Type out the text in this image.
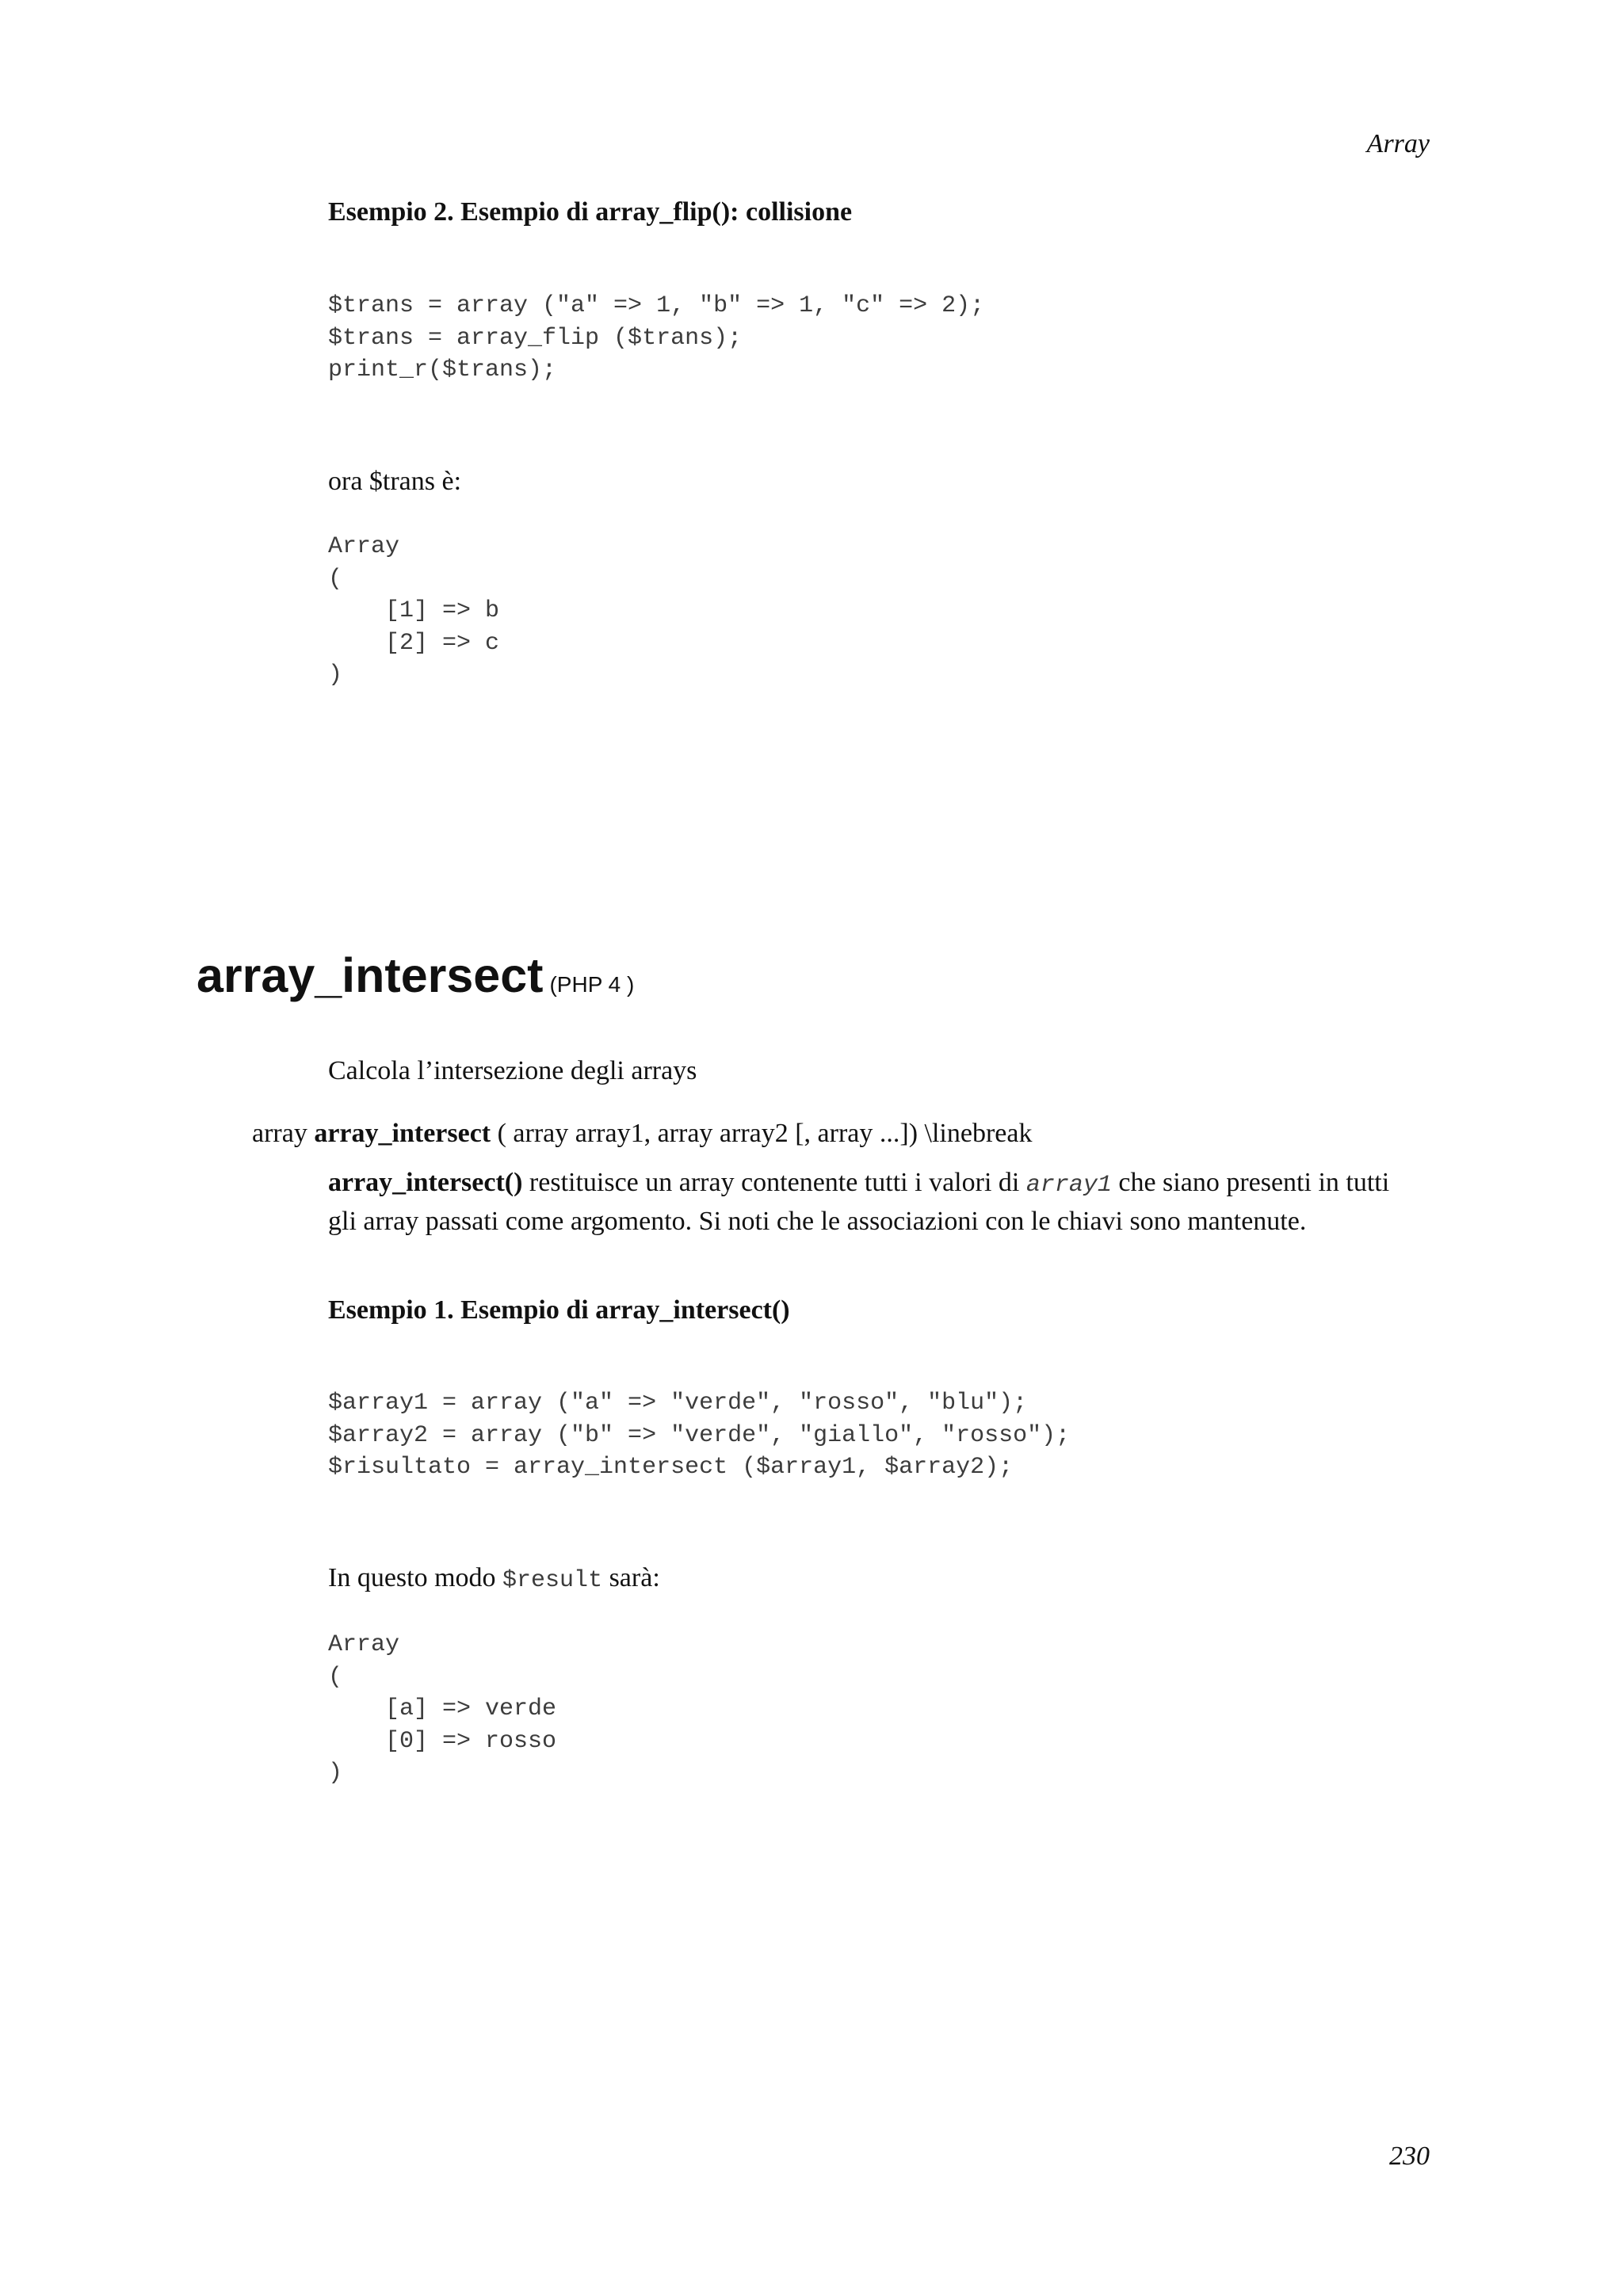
Array
Esempio 2. Esempio di array_flip(): collisione
$trans = array ("a" => 1, "b" => 1, "c" => 2);
$trans = array_flip ($trans);
print_r($trans);
ora $trans è:
Array
(
[1] => b
[2] => c
)
array_intersect (PHP 4 )
Calcola l’intersezione degli arrays
array array_intersect ( array array1, array array2 [, array ...]) \linebreak
array_intersect() restituisce un array contenente tutti i valori di array1 che siano presenti in tutti
gli array passati come argomento. Si noti che le associazioni con le chiavi sono mantenute.
Esempio 1. Esempio di array_intersect()
$array1 = array ("a" => "verde", "rosso", "blu");
$array2 = array ("b" => "verde", "giallo", "rosso");
$risultato = array_intersect ($array1, $array2);
In questo modo $result sarà:
Array
(
[a] => verde
[0] => rosso
)
230
